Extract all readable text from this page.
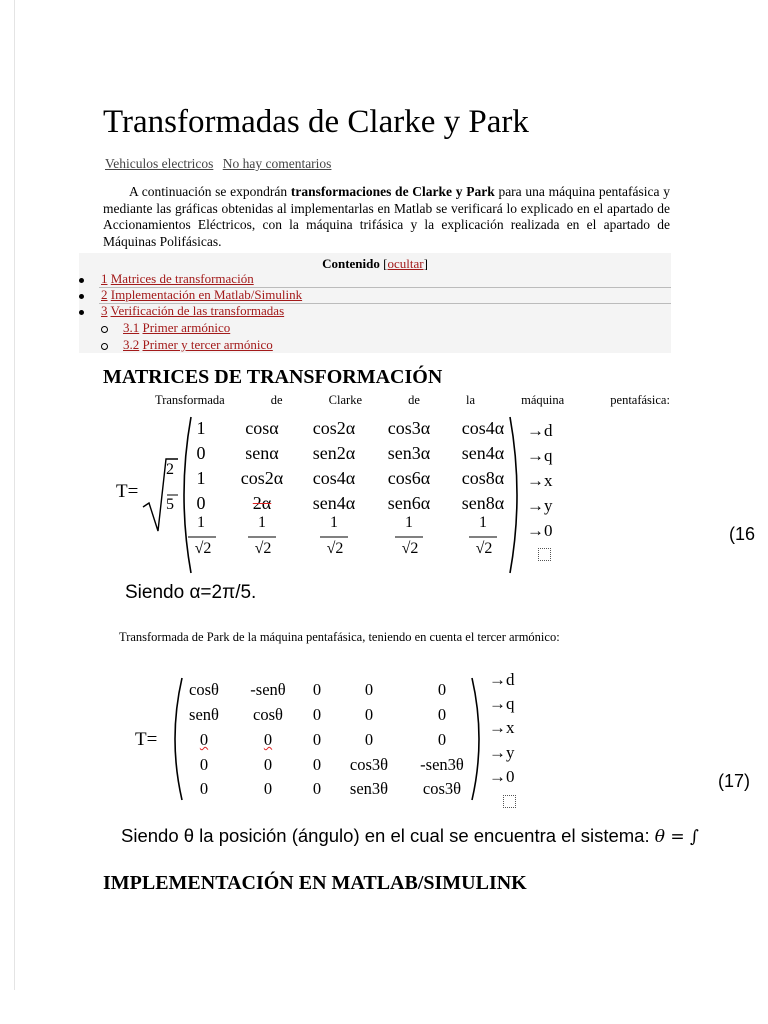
Transformadas de Clarke y Park
Vehiculos electricos No hay comentarios
A continuación se expondrán transformaciones de Clarke y Park para una máquina pentafásica y mediante las gráficas obtenidas al implementarlas en Matlab se verificará lo explicado en el apartado de Accionamientos Eléctricos, con la máquina trifásica y la explicación realizada en el apartado de Máquinas Polifásicas.
Contenido [ocultar]
1 Matrices de transformación
2 Implementación en Matlab/Simulink
3 Verificación de las transformadas
3.1 Primer armónico
3.2 Primer y tercer armónico
MATRICES DE TRANSFORMACIÓN
Transformada	de	Clarke	de	la	máquina	pentafásica:
T=
2
5
1	cosα	cos2α	cos3α	cos4α
0	senα	sen2α	sen3α	sen4α
1	cos2α	cos4α	cos6α	cos8α
0	2α	sen4α	sen6α	sen8α
1	1	1	1	1
√2	√2	√2	√2	√2
→d
→q
→x
→y
→0	(16
Siendo α=2π/5.
Transformada de Park de la máquina pentafásica, teniendo en cuenta el tercer armónico:
T=
cosθ	-senθ	0	0	0
senθ	cosθ	0	0	0
0	0	0	0	0
0	0	0	cos3θ	-sen3θ
0	0	0	sen3θ	cos3θ
→d
→q
→x
→y
→0	(17)
Siendo θ la posición (ángulo) en el cual se encuentra el sistema: θ = ∫
IMPLEMENTACIÓN EN MATLAB/SIMULINK
